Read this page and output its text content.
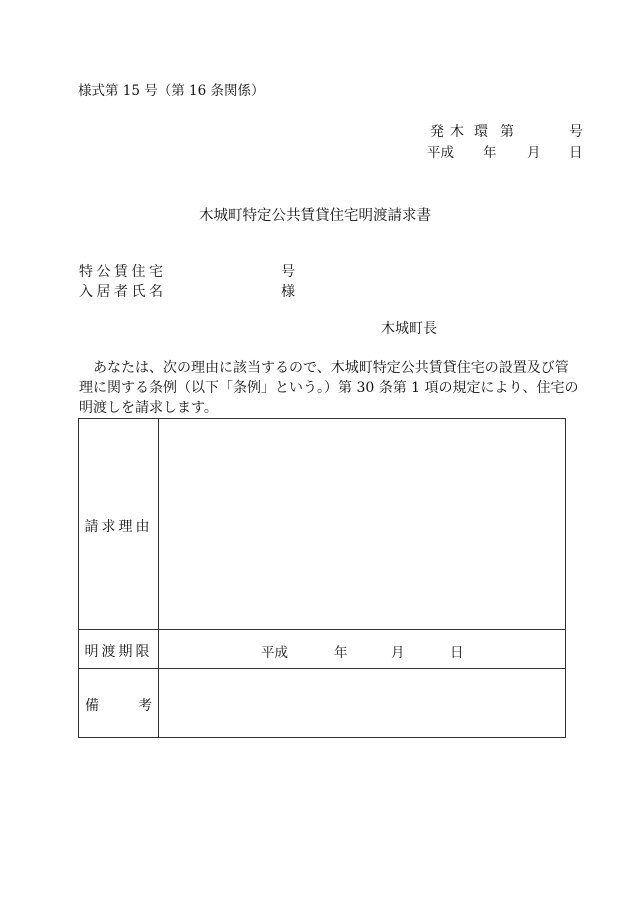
様式第 15 号（第 16 条関係）
発 木 環 第	号
平成 年 月 日
木城町特定公共賃貸住宅明渡請求書
特公賃住宅	号
入居者氏名	様
木城町長
あなたは、次の理由に該当するので、木城町特定公共賃貸住宅の設置及び管
理に関する条例（以下「条例」という。）第 30 条第 1 項の規定により、住宅の
明渡しを請求します。
請求理由
明渡期限	平成	年	月	日
備	考
